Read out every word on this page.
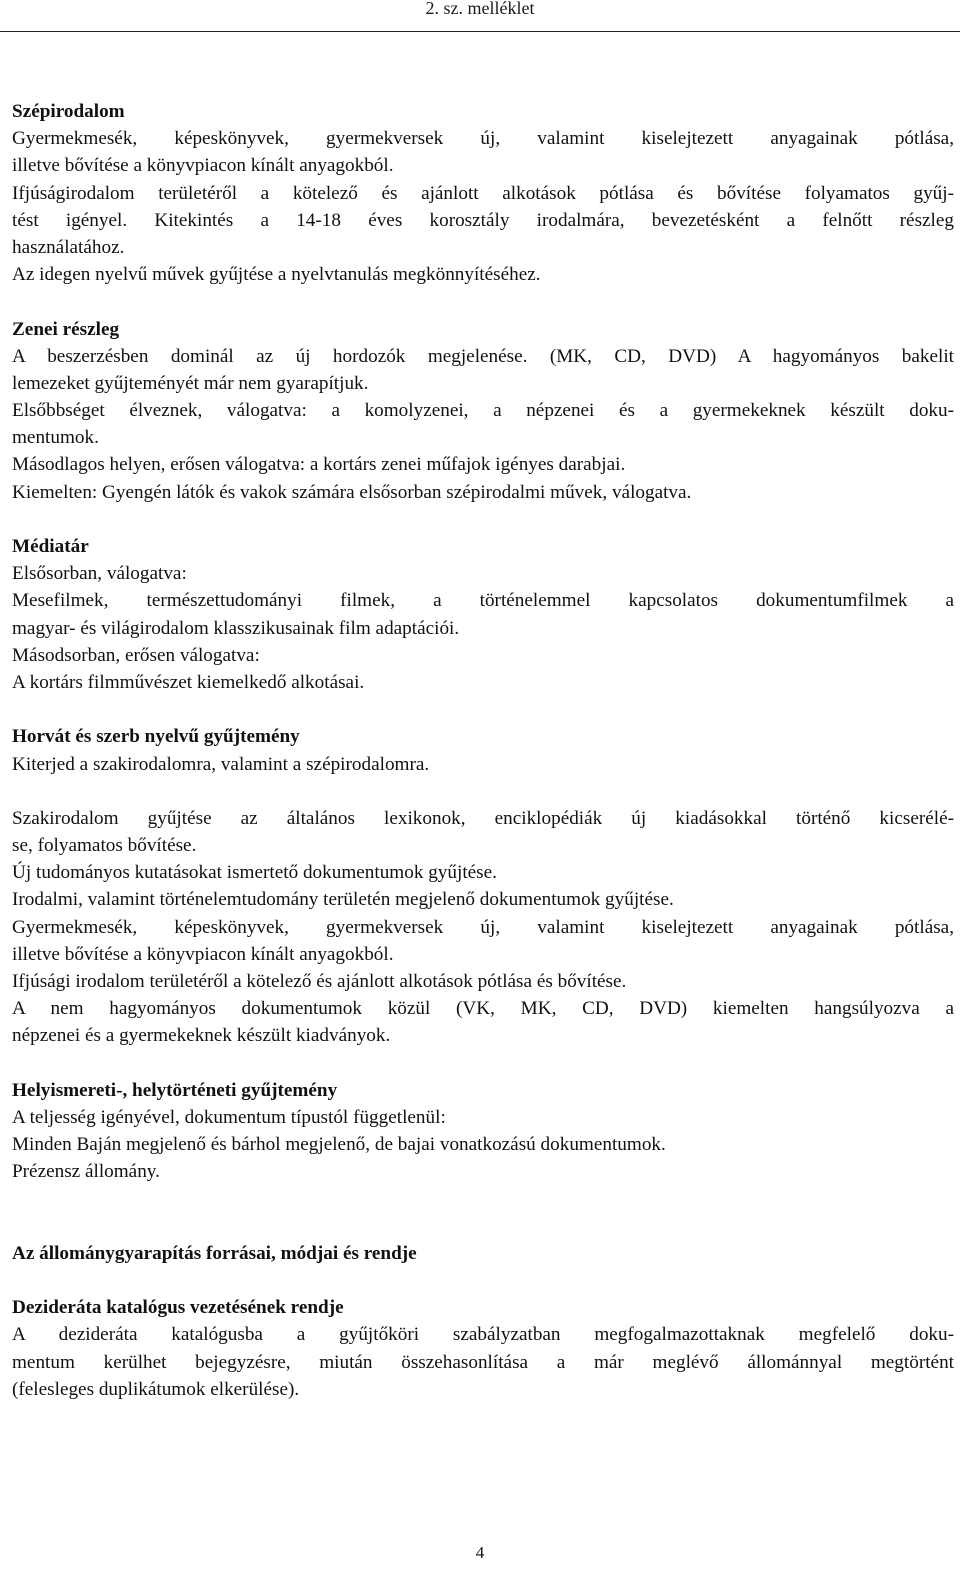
2. sz. melléklet
Szépirodalom
Gyermekmesék, képeskönyvek, gyermekversek új, valamint kiselejtezett anyagainak pótlása,
illetve bővítése a könyvpiacon kínált anyagokból.
Ifjúságirodalom területéről a kötelező és ajánlott alkotások pótlása és bővítése folyamatos gyűj-
tést igényel. Kitekintés a 14-18 éves korosztály irodalmára, bevezetésként a felnőtt részleg
használatához.
Az idegen nyelvű művek gyűjtése a nyelvtanulás megkönnyítéséhez.
Zenei részleg
A beszerzésben dominál az új hordozók megjelenése. (MK, CD, DVD) A hagyományos bakelit
lemezeket gyűjteményét már nem gyarapítjuk.
Elsőbbséget élveznek, válogatva: a komolyzenei, a népzenei és a gyermekeknek készült doku-
mentumok.
Másodlagos helyen, erősen válogatva: a kortárs zenei műfajok igényes darabjai.
Kiemelten: Gyengén látók és vakok számára elsősorban szépirodalmi művek, válogatva.
Médiatár
Elsősorban, válogatva:
Mesefilmek, természettudományi filmek, a történelemmel kapcsolatos dokumentumfilmek a
magyar- és világirodalom klasszikusainak film adaptációi.
Másodsorban, erősen válogatva:
A kortárs filmművészet kiemelkedő alkotásai.
Horvát és szerb nyelvű gyűjtemény
Kiterjed a szakirodalomra, valamint a szépirodalomra.
Szakirodalom gyűjtése az általános lexikonok, enciklopédiák új kiadásokkal történő kicserélé-
se, folyamatos bővítése.
Új tudományos kutatásokat ismertető dokumentumok gyűjtése.
Irodalmi, valamint történelemtudomány területén megjelenő dokumentumok gyűjtése.
Gyermekmesék, képeskönyvek, gyermekversek új, valamint kiselejtezett anyagainak pótlása,
illetve bővítése a könyvpiacon kínált anyagokból.
Ifjúsági irodalom területéről a kötelező és ajánlott alkotások pótlása és bővítése.
A nem hagyományos dokumentumok közül (VK, MK, CD, DVD) kiemelten hangsúlyozva a
népzenei és a gyermekeknek készült kiadványok.
Helyismereti-, helytörténeti gyűjtemény
A teljesség igényével, dokumentum típustól függetlenül:
Minden Baján megjelenő és bárhol megjelenő, de bajai vonatkozású dokumentumok.
Prézensz állomány.
Az állománygyarapítás forrásai, módjai és rendje
Dezideráta katalógus vezetésének rendje
A dezideráta katalógusba a gyűjtőköri szabályzatban megfogalmazottaknak megfelelő doku-
mentum kerülhet bejegyzésre, miután összehasonlítása a már meglévő állománnyal megtörtént
(felesleges duplikátumok elkerülése).
4
